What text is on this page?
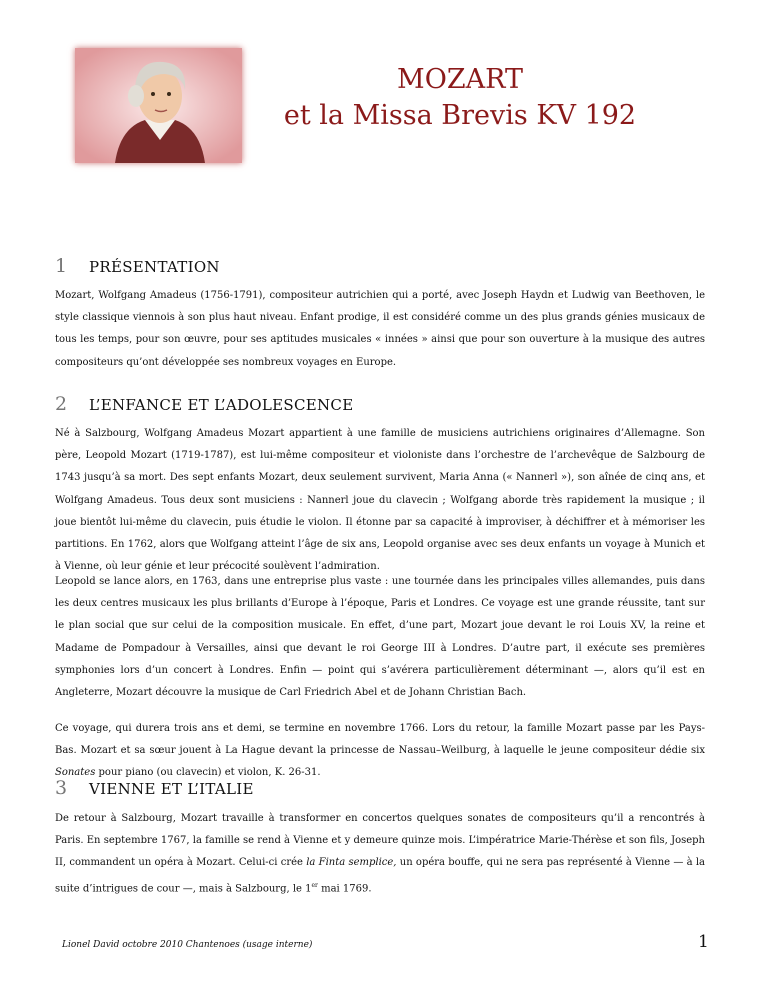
MOZART
et la Missa Brevis KV 192
1	PRÉSENTATION

Mozart, Wolfgang Amadeus (1756-1791), compositeur autrichien qui a porté, avec Joseph Haydn et Ludwig van Beethoven, le style classique viennois à son plus haut niveau. Enfant prodige, il est considéré comme un des plus grands génies musicaux de tous les temps, pour son œuvre, pour ses aptitudes musicales « innées » ainsi que pour son ouverture à la musique des autres compositeurs qu’ont développée ses nombreux voyages en Europe.

2	L’ENFANCE ET L’ADOLESCENCE

Né à Salzbourg, Wolfgang Amadeus Mozart appartient à une famille de musiciens autrichiens originaires d’Allemagne. Son père, Leopold Mozart (1719-1787), est lui-même compositeur et violoniste dans l’orchestre de l’archevêque de Salzbourg de 1743 jusqu’à sa mort. Des sept enfants Mozart, deux seulement survivent, Maria Anna (« Nannerl »), son aînée de cinq ans, et Wolfgang Amadeus. Tous deux sont musiciens : Nannerl joue du clavecin ; Wolfgang aborde très rapidement la musique ; il joue bientôt lui-même du clavecin, puis étudie le violon. Il étonne par sa capacité à improviser, à déchiffrer et à mémoriser les partitions. En 1762, alors que Wolfgang atteint l’âge de six ans, Leopold organise avec ses deux enfants un voyage à Munich et à Vienne, où leur génie et leur précocité soulèvent l’admiration.

Leopold se lance alors, en 1763, dans une entreprise plus vaste : une tournée dans les principales villes allemandes, puis dans les deux centres musicaux les plus brillants d’Europe à l’époque, Paris et Londres. Ce voyage est une grande réussite, tant sur le plan social que sur celui de la composition musicale. En effet, d’une part, Mozart joue devant le roi Louis XV, la reine et Madame de Pompadour à Versailles, ainsi que devant le roi George III à Londres. D’autre part, il exécute ses premières symphonies lors d’un concert à Londres. Enfin — point qui s’avérera particulièrement déterminant —, alors qu’il est en Angleterre, Mozart découvre la musique de Carl Friedrich Abel et de Johann Christian Bach.

Ce voyage, qui durera trois ans et demi, se termine en novembre 1766. Lors du retour, la famille Mozart passe par les Pays-Bas. Mozart et sa sœur jouent à La Hague devant la princesse de Nassau–Weilburg, à laquelle le jeune compositeur dédie six Sonates pour piano (ou clavecin) et violon, K. 26-31.

3	VIENNE ET L’ITALIE

De retour à Salzbourg, Mozart travaille à transformer en concertos quelques sonates de compositeurs qu’il a rencontrés à Paris. En septembre 1767, la famille se rend à Vienne et y demeure quinze mois. L’impératrice Marie-Thérèse et son fils, Joseph II, commandent un opéra à Mozart. Celui-ci crée la Finta semplice, un opéra bouffe, qui ne sera pas représenté à Vienne — à la suite d’intrigues de cour —, mais à Salzbourg, le 1er mai 1769.

Lionel David octobre 2010 Chantenoes (usage interne)	1
